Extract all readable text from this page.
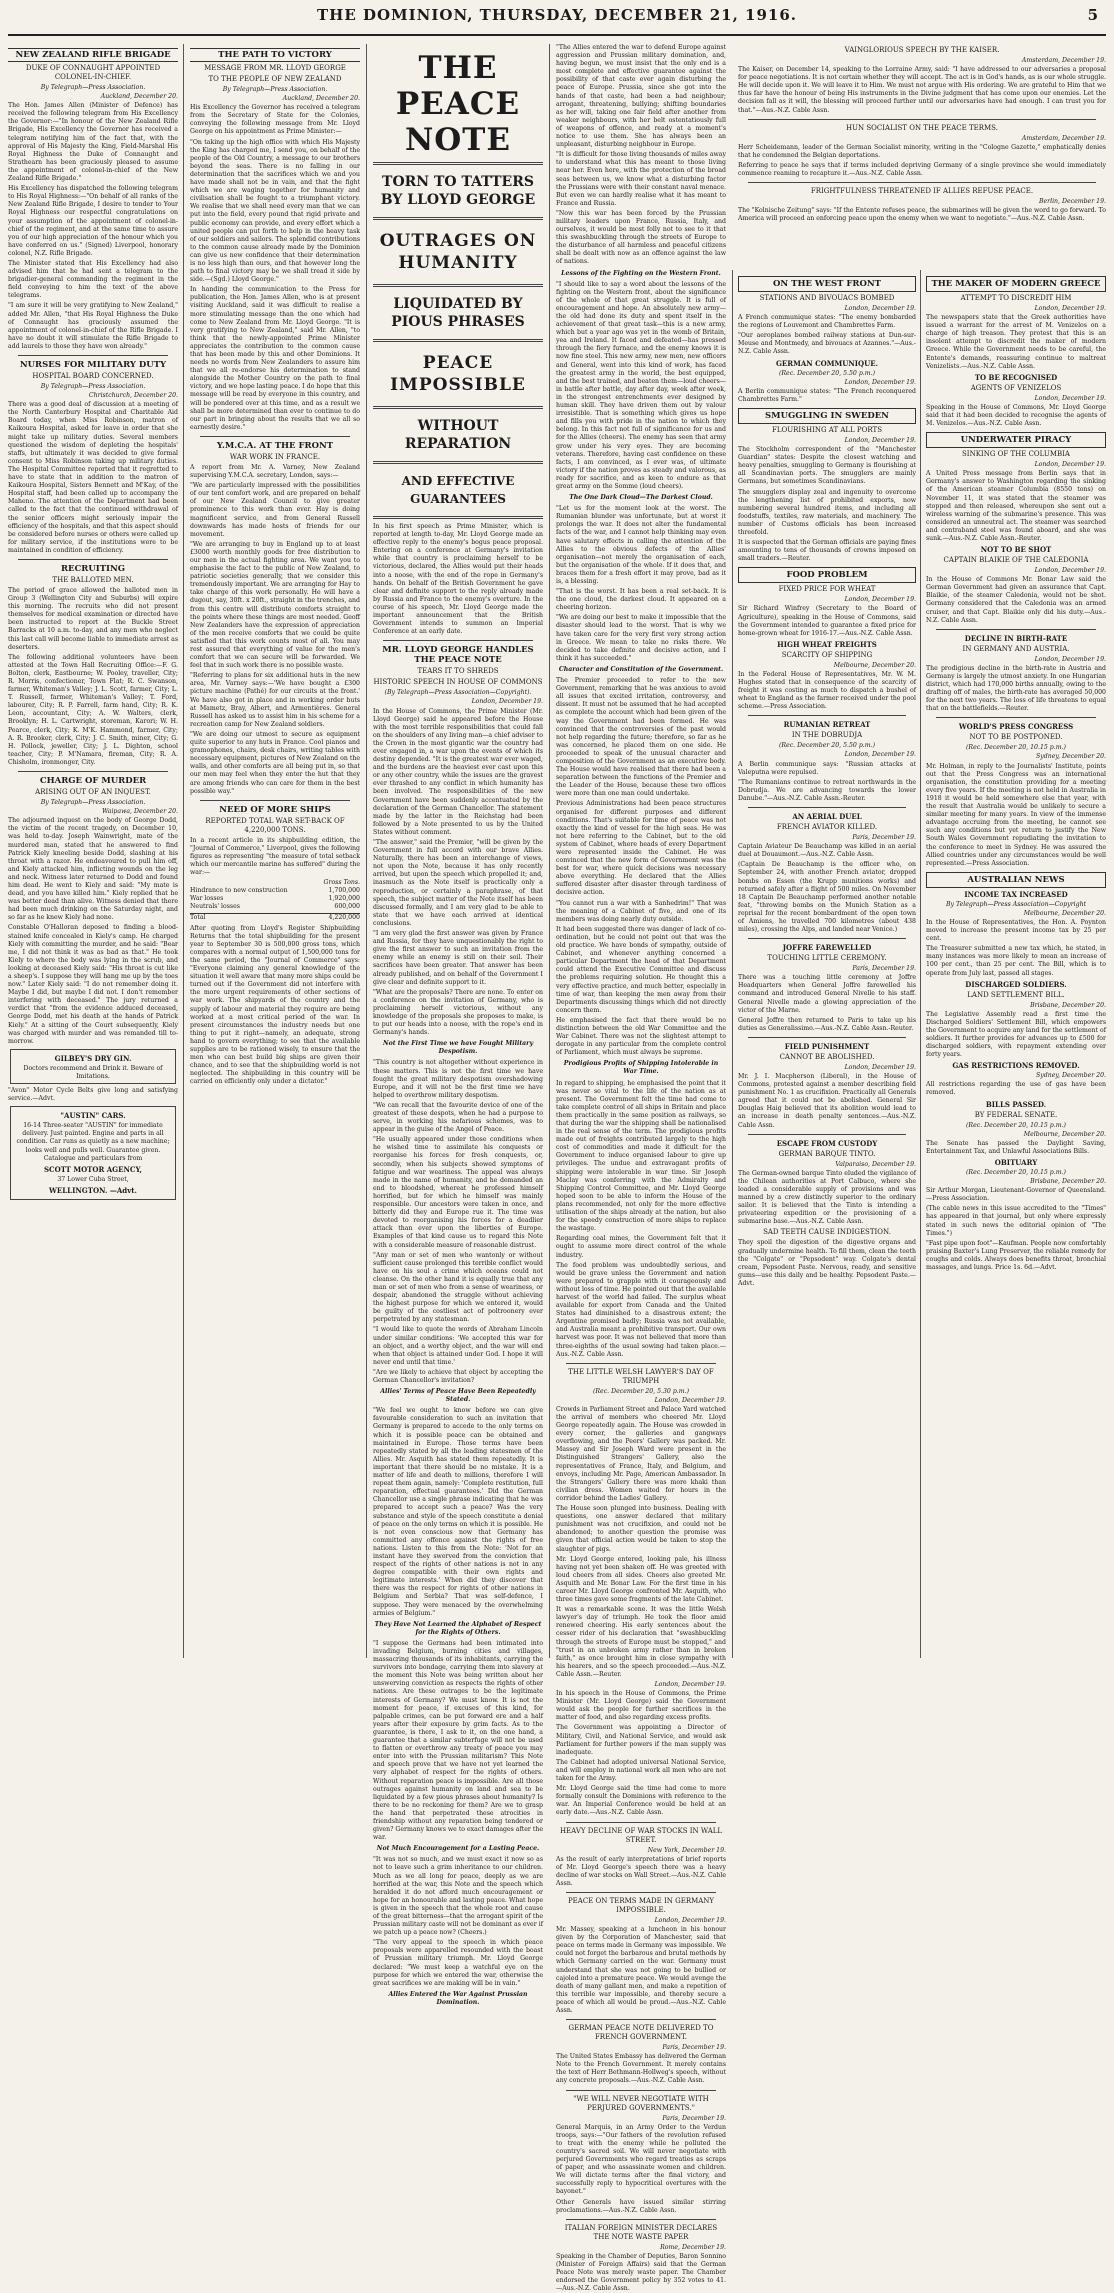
THE DOMINION, THURSDAY, DECEMBER 21, 1916.	5
NEW ZEALAND RIFLE BRIGADE
DUKE OF CONNAUGHT APPOINTED COLONEL-IN-CHIEF.
By Telegraph—Press Association.
Auckland, December 20.

The Hon. James Allen (Minister of Defence) has received the following telegram from His Excellency the Governor:—"In honour of the New Zealand Rifle Brigade, His Excellency the Governor has received a telegram notifying him of the fact that, with the approval of His Majesty the King, Field-Marshal His Royal Highness the Duke of Connaught and Strathearn has been graciously pleased to assume the appointment of colonel-in-chief of the New Zealand Rifle Brigade."

His Excellency has dispatched the following telegram to His Royal Highness:—"On behalf of all ranks of the New Zealand Rifle Brigade, I desire to tender to Your Royal Highness our respectful congratulations on your assumption of the appointment of colonel-in-chief of the regiment, and at the same time to assure you of our high appreciation of the honour which you have conferred on us." (Signed) Liverpool, honorary colonel, N.Z. Rifle Brigade.

The Minister stated that His Excellency had also advised him that he had sent a telegram to the brigadier-general commanding the regiment in the field conveying to him the text of the above telegrams.

"I am sure it will be very gratifying to New Zealand," added Mr. Allen, "that His Royal Highness the Duke of Connaught has graciously assumed the appointment of colonel-in-chief of the Rifle Brigade. I have no doubt it will stimulate the Rifle Brigade to add laurels to those they have won already."

NURSES FOR MILITARY DUTY
HOSPITAL BOARD CONCERNED.
By Telegraph—Press Association.
Christchurch, December 20.

There was a good deal of discussion at a meeting of the North Canterbury Hospital and Charitable Aid Board today, when Miss Robinson, matron of Kaikoura Hospital, asked for leave in order that she might take up military duties. Several members questioned the wisdom of depleting the hospitals' staffs, but ultimately it was decided to give formal consent to Miss Robinson taking up military duties. The Hospital Committee reported that it regretted to have to state that in addition to the matron of Kaikoura Hospital, Sisters Bennett and M'Kay, of the Hospital staff, had been called up to accompany the Maheno. The attention of the Department had been called to the fact that the continued withdrawal of the senior officers might seriously impair the efficiency of the hospitals, and that this aspect should be considered before nurses or others were called up for military service, if the institutions were to be maintained in condition of efficiency.

RECRUITING
THE BALLOTED MEN.

The period of grace allowed the balloted men in Group 3 (Wellington City and Suburbs) will expire this morning. The recruits who did not present themselves for medical examination or directed have been instructed to report at the Buckle Street Barracks at 10 a.m. to-day, and any men who neglect this last call will become liable to immediate arrest as deserters.

The following additional volunteers have been attested at the Town Hall Recruiting Office:—F. G. Bolton, clerk, Eastbourne; W. Pooley, traveller, City; R. Morris, confectioner, Town Flat; R. C. Swanson, farmer, Whiteman's Valley; J. L. Scott, farmer, City; L. T. Russell, farmer, Whiteman's Valley; T. Ford, labourer, City; R. P. Farrell, farm hand, City; R. K. Leon, accountant, City; A. W. Walters, clerk, Brooklyn; H. L. Cartwright, storeman, Karori; W. H. Pearce, clerk, City; K. M'K. Hammond, farmer, City; A. R. Brooker, clerk, City; J. C. Smith, miner, City; G. H. Pollock, jeweller, City; J. L. Dighton, school teacher, City; P. M'Namara, fireman, City; R. A. Chisholm, ironmonger, City.

CHARGE OF MURDER
ARISING OUT OF AN INQUEST.
By Telegraph—Press Association.
Waipawa, December 20.

The adjourned inquest on the body of George Dodd, the victim of the recent tragedy, on December 10, was held to-day. Joseph Wainwright, mate of the murdered man, stated that he answered to find Patrick Kiely kneeling beside Dodd, slashing at his throat with a razor. He endeavoured to pull him off, and Kiely attacked him, inflicting wounds on the leg and neck. Witness later returned to Dodd and found him dead. He went to Kiely and said: "My mate is dead, and you have killed him." Kiely replied that he was better dead than alive. Witness denied that there had been much drinking on the Saturday night, and so far as he knew Kiely had none.

Constable O'Halloran deposed to finding a blood-stained knife concealed in Kiely's camp. He charged Kiely with committing the murder, and he said: "Bear me, I did not think it was as bad as that." He took Kiely to where the body was lying in the scrub, and looking at deceased Kiely said: "His throat is cut like a sheep's. I suppose they will hang me up by the toes now." Later Kiely said: "I do not remember doing it. Maybe I did, but maybe I did not. I don't remember interfering with deceased." The jury returned a verdict that "from the evidence adduced deceased, George Dodd, met his death at the hands of Patrick Kiely." At a sitting of the Court subsequently, Kiely was charged with murder and was remanded till to-morrow.

GILBEY'S DRY GIN.
Doctors recommend and Drink it. Beware of Imitations.

"Avon" Motor Cycle Belts give long and satisfying service.—Advt.

"AUSTIN" CARS.
16-14 Three-seater "AUSTIN" for immediate delivery. Just painted. Engine and parts in all condition. Car runs as quietly as a new machine; looks well and pulls well. Guarantee given.
Catalogue and particulars from
SCOTT MOTOR AGENCY,
37 Lower Cuba Street,
WELLINGTON. —Advt.
THE PATH TO VICTORY
MESSAGE FROM MR. LLOYD GEORGE
TO THE PEOPLE OF NEW ZEALAND
By Telegraph—Press Association.
Auckland, December 20.

His Excellency the Governor has received a telegram from the Secretary of State for the Colonies, conveying the following message from Mr. Lloyd George on his appointment as Prime Minister:—

"On taking up the high office with which His Majesty the King has charged me, I send you, on behalf of the people of the Old Country, a message to our brothers beyond the seas. There is no falling in our determination that the sacrifices which we and you have made shall not be in vain, and that the fight which we are waging together for humanity and civilisation shall be fought to a triumphant victory. We realise that we shall need every man that we can put into the field, every pound that rigid private and public economy can provide, and every effort which a united people can put forth to help in the heavy task of our soldiers and sailors. The splendid contributions to the common cause already made by the Dominion can give us new confidence that their determination is no less high than ours, and that however long the path to final victory may be we shall tread it side by side.—(Sgd.) Lloyd George."

In handing the communication to the Press for publication, the Hon. James Allen, who is at present visiting Auckland, said it was difficult to realise a more stimulating message than the one which had come to New Zealand from Mr. Lloyd George. "It is very gratifying to New Zealand," said Mr. Allen, "to think that the newly-appointed Prime Minister appreciates the contribution to the common cause that has been made by this and other Dominions. It needs no words from New Zealanders to assure him that we all re-endorse his determination to stand alongside the Mother Country on the path to final victory, and we hope lasting peace. I do hope that this message will be read by everyone in this country, and will be pondered over at this time, and as a result we shall be more determined than ever to continue to do our part in bringing about the results that we all so earnestly desire."

Y.M.C.A. AT THE FRONT
WAR WORK IN FRANCE.

A report from Mr. A. Varney, New Zealand supervising Y.M.C.A. secretary, London, says:—

"We are particularly impressed with the possibilities of our tent comfort work, and are prepared on behalf of our New Zealand Council to give greater prominence to this work than ever. Hay is doing magnificent service, and from General Russell downwards has made hosts of friends for our movement.

"We are arranging to buy in England up to at least £3000 worth monthly goods for free distribution to our men in the actual fighting area. We want you to emphasise the fact to the public of New Zealand, to patriotic societies generally, that we consider this tremendously important. We are arranging for Hay to take charge of this work personally. He will have a dugout, say, 30ft. x 20ft., straight in the trenches, and from this centre will distribute comforts straight to the points where these things are most needed. Geoff New Zealanders have the expression of appreciation of the men receive comforts that we could be quite satisfied that this work counts most of all. You may rest assured that everything of value for the men's comfort that we can secure will be forwarded. We feel that in such work there is no possible waste.

"Referring to plans for six additional huts in the new area, Mr. Varney says:—'We have bought a £300 picture machine (Pathé) for our circuits at the front.' We have also got in place and in working order huts at Mametz, Bray, Albert, and Armentières. General Russell has asked us to assist him in his scheme for a recreation camp for New Zealand soldiers.

"We are doing our utmost to secure as equipment quite superior to any huts in France. Cool pianos and gramophones, chairs, desk chairs, writing tables with necessary equipment, pictures of New Zealand on the walls, and other comforts are all being put in, so that our men may feel when they enter the hut that they are among friends who can care for them in the best possible way."

NEED OF MORE SHIPS
REPORTED TOTAL WAR SET-BACK OF 4,220,000 TONS.

In a recent article in its shipbuilding edition, the "Journal of Commerce," Liverpool, gives the following figures as representing "the measure of total setback which our mercantile marine has suffered" during the war:—

Gross Tons.
Hindrance to new construction	1,700,000
War losses	1,920,000
Neutrals' losses	600,000
Total	4,220,000

After quoting from Lloyd's Register Shipbuilding Returns that the total shipbuilding for the present year to September 30 is 500,000 gross tons, which compares with a normal output of 1,500,000 tons for the same period, the "Journal of Commerce" says: "Everyone claiming any general knowledge of the situation it well aware that many more ships could be turned out if the Government did not interfere with the more urgent requirements of other sections of war work. The shipyards of the country and the supply of labour and material they require are being worked at a most critical period of the war. In present circumstances the industry needs but one thing to put it right—namely, an adequate, strong hand to govern everything; to see that the available supplies are to be rationed wisely, to ensure that the men who can best build big ships are given their chance, and to see that the shipbuilding world is not neglected. The shipbuilding in this country will be carried on efficiently only under a dictator."

THE PEACE NOTE
TORN TO TATTERS BY LLOYD GEORGE
OUTRAGES ON HUMANITY
LIQUIDATED BY PIOUS PHRASES
PEACE IMPOSSIBLE
WITHOUT REPARATION
AND EFFECTIVE GUARANTEES

In his first speech as Prime Minister, which is reported at length to-day, Mr. Lloyd George made an effective reply to the enemy's bogus peace proposal. Entering on a conference at Germany's invitation while that country is proclaiming herself to be victorious, declared, the Allies would put their heads into a noose, with the end of the rope in Germany's hands. On behalf of the British Government he gave clear and definite support to the reply already made by Russia and France to the enemy's overture. In the course of his speech, Mr. Lloyd George made the important announcement that the British Government intends to summon an Imperial Conference at an early date.

MR. LLOYD GEORGE HANDLES THE PEACE NOTE
TEARS IT TO SHREDS
HISTORIC SPEECH IN HOUSE OF COMMONS
(By Telegraph—Press Association—Copyright).
London, December 19.

In the House of Commons, the Prime Minister (Mr. Lloyd George) said he appeared before the House with the most terrible responsibilities that could fall on the shoulders of any living man—a chief adviser to the Crown in the most gigantic war the country had ever engaged in, a war upon the events of which its destiny depended. "It is the greatest war ever waged, and the burdens are the heaviest ever cast upon this or any other country, while the issues are the gravest ever thrashed to any conflict in which humanity has been involved. The responsibilities of the new Government have been suddenly accentuated by the declaration of the German Chancellor. The statement made by the latter in the Reichstag had been followed by a Note presented to us by the United States without comment.

"The answer," said the Premier, "will be given by the Government in full accord with our brave Allies. Naturally, there has been an interchange of views, not upon the Note, because it has only recently arrived, but upon the speech which propelled it; and, inasmuch as the Note itself is practically only a reproduction, or certainly a paraphrase, of that speech, the subject matter of the Note itself has been discussed formally, and I am very glad to be able to state that we have each arrived at identical conclusions.

"I am very glad the first answer was given by France and Russia, for they have unquestionably the right to give the first answer to such an invitation from the enemy while an enemy is still on their soil. Their sacrifices have been greater. That answer has been already published, and on behalf of the Government I give clear and definite support to it.

"What are the proposals? There are none. To enter on a conference on the invitation of Germany, who is proclaiming herself victorious, without any knowledge of the proposals she proposes to make, is to put our heads into a noose, with the rope's end in Germany's hands.

Not the First Time we have Fought Military Despotism.

"This country is not altogether without experience in these matters. This is not the first time we have fought the great military despotism overshadowing Europe, and it will not be the first time we have helped to overthrow military despotism.

"We can recall that the favourite device of one of the greatest of these despots, when he had a purpose to serve, in working his nefarious schemes, was to appear in the guise of the Angel of Peace.

"He usually appeared under those conditions when he wished time to assimilate his conquests or reorganise his forces for fresh conquests, or, secondly, when his subjects showed symptoms of fatigue and war weariness. The appeal was always made in the name of humanity, and he demanded an end to bloodshed, whereat he professed himself horrified, but for which he himself was mainly responsible. Our ancestors were taken in once, and bitterly did they and Europe rue it. The time was devoted to reorganising his forces for a deadlier attack than ever upon the liberties of Europe. Examples of that kind cause us to regard this Note with a considerable measure of reasonable distrust.

"Any man or set of men who wantonly or without sufficient cause prolonged this terrible conflict would have on his soul a crime which oceans could not cleanse. On the other hand it is equally true that any man or set of men who from a sense of weariness, or despair, abandoned the struggle without achieving the highest purpose for which we entered it, would be guilty of the costliest act of poltroonery ever perpetrated by any statesman.

"I would like to quote the words of Abraham Lincoln under similar conditions: 'We accepted this war for an object, and a worthy object, and the war will end when that object is attained under God. I hope it will never end until that time.'

"Are we likely to achieve that object by accepting the German Chancellor's invitation?

Allies' Terms of Peace Have Been Repeatedly Stated.

"We feel we ought to know before we can give favourable consideration to such an invitation that Germany is prepared to accede to the only terms on which it is possible peace can be obtained and maintained in Europe. Those terms have been repeatedly stated by all the leading statesmen of the Allies. Mr. Asquith has stated them repeatedly. It is important that there should be no mistake. It is a matter of life and death to millions, therefore I will repeat them again, namely: 'Complete restitution, full reparation, effectual guarantees.' Did the German Chancellor use a single phrase indicating that he was prepared to accept such a peace? Was the very substance and style of the speech constitute a denial of peace on the only terms on which it is possible. He is not even conscious now that Germany has committed any offence against the rights of free nations. Listen to this from the Note: 'Not for an instant have they swerved from the conviction that respect of the rights of other nations is not in any degree compatible with their own rights and legitimate interests.' When did they discover that there was the respect for rights of other nations in Belgium and Serbia? That was self-defence, I suppose. They were menaced by the overwhelming armies of Belgium."

They Have Not Learned the Alphabet of Respect for the Rights of Others.

"I suppose the Germans had been intimated into invading Belgium, burning cities and villages, massacring thousands of its inhabitants, carrying the survivors into bondage, carrying them into slavery at the moment this Note was being written about her unswerving conviction as respects the rights of other nations. Are these outrages to be the legitimate interests of Germany? We must know. It is not the moment for peace, if excuses of this kind, for palpable crimes, can be put forward ere and a half years after their exposure by grim facts. As to the guarantee, is there, I ask to it, on the one hand, a guarantee that a similar subterfuge will not be used to flatten or overthrow any treaty of peace you may enter into with the Prussian militarism? This Note and speech prove that we have not yet learned the very alphabet of respect for the rights of others. Without reparation peace is impossible. Are all those outrages against humanity on land and sea to be liquidated by a few pious phrases about humanity? Is there to be no reckoning for them? Are we to grasp the hand that perpetrated these atrocities in friendship without any reparation being tendered or given? Germany knows we to exact damages after the war.

Not Much Encouragement for a Lasting Peace.

"It was not so much, and we must exact it now so as not to leave such a grim inheritance to our children. Much as we all long for peace, deeply as we are horrified at the war, this Note and the speech which heralded it do not afford much encouragement or hope for an honourable and lasting peace. What hope is given in the speech that the whole root and cause of the great bitterness—that the arrogant spirit of the Prussian military caste will not be dominant as ever if we patch up a peace now? (Cheers.)

"The very appeal to the speech in which peace proposals were apparelled resounded with the boast of Prussian military triumph. Mr. Lloyd George declared: "We must keep a watchful eye on the purpose for which we entered the war, otherwise the great sacrifices we are making will be in vain."

Allies Entered the War Against Prussian Domination.

"The Allies entered the war to defend Europe against aggression and Prussian military domination, and, having begun, we must insist that the only end is a most complete and effective guarantee against the possibility of that caste ever again disturbing the peace of Europe. Prussia, since she got into the hands of that caste, had been a bad neighbour; arrogant, threatening, bullying; shifting boundaries as her will, taking one fair field after another from weaker neighbours, with her belt ostentatiously full of weapons of offence, and ready at a moment's notice to use them. She has always been an unpleasant, disturbing neighbour in Europe.

"It is difficult for those living thousands of miles away to understand what this has meant to those living near her. Even here, with the protection of the broad seas between us, we know what a disturbing factor the Prussians were with their constant naval menace. But even we can hardly realise what it has meant to France and Russia.

"Now this war has been forced by the Prussian military leaders upon France, Russia, Italy, and ourselves, it would be most folly not to see to it that this swashbuckling through the streets of Europe to the disturbance of all harmless and peaceful citizens shall be dealt with now as an offence against the law of nations.

Lessons of the Fighting on the Western Front.

"I should like to say a word about the lessons of the fighting on the Western front, about the significance of the whole of that great struggle. It is full of encouragement and hope. An absolutely new army—the old had done its duty and spent itself in the achievement of that great task—this is a new army, which but a year ago was yet in the womb of Britain, yea and Ireland. It faced and defeated—has pressed through the fiery furnace, and the enemy knows it is now fine steel. This new army, new men, new officers and General, went into this kind of work, has faced the greatest army in the world, the best equipped, and the best trained, and beaten them—loud cheers—in battle after battle, day after day, week after week, in the strongest entrenchments ever designed by human skill. They have driven them out by valour irresistible. That is something which gives us hope and fills you with pride in the nation to which they belong. In this fact not full of significance for us and for the Allies (cheers). The enemy has seen that army grow under his very eyes. They are becoming veterans. Therefore, having cast confidence on these facts, I am convinced, as I ever was, of ultimate victory if the nation proves as steady and valorous, as ready for sacrifice, and as keen to endure as that great army on the Somme (loud cheers).

The One Dark Cloud—The Darkest Cloud.

"Let us for the moment look at the worst. The Rumanian blunder was unfortunate, but at worst it prolongs the war. It does not alter the fundamental facts of the war, and I cannot help thinking may even have salutary effects in calling the attention of the Allies to the obvious defects of the Allies' organisation—not merely the organisation of each, but the organisation of the whole. If it does that, and braces them for a fresh effort it may prove, bad as it is, a blessing.

"That is the worst. It has been a real set-back. It is the one cloud, the darkest cloud. It appeared on a cheering horizon.

"We are doing our best to make it impossible that the disaster should lead to the worst. That is why we have taken care for the very first very strong action in Greece. We mean to take no risks there. We decided to take definite and decisive action, and I think it has succeeded."

Character and Constitution of the Government.

The Premier proceeded to refer to the new Government, remarking that he was anxious to avoid all issues that excited irritation, controversy, and dissent. It must not be assumed that he had accepted as complete the account which had been given of the way the Government had been formed. He was convinced that the controversies of the past would not help regarding the future; therefore, so far as he was concerned, he placed them on one side. He proceeded to speak of the unusual character and composition of the Government as an executive body. The House would have realised that there had been a separation between the functions of the Premier and the Leader of the House, because these two offices were more than one man could undertake.

Previous Administrations had been peace structures organised for different purposes and different conditions. That's suitable for time of peace was not exactly the kind of vessel for the high seas. He was not here referring to the Cabinet, but to the old system of Cabinet, where heads of every Department were represented inside the Cabinet. He was convinced that the new form of Government was the best for war, where quick decisions was necessary above everything. He declared that the Allies suffered disaster after disaster through tardiness of decisive action.

"You cannot run a war with a Sanhedrim!" That was the meaning of a Cabinet of five, and one of its members was doing nearly duty outside.

It had been suggested there was danger of lack of co-ordination, but he could not point out that was the old practice. We have bonds of sympathy, outside of Cabinet, and whenever anything concerned a particular Department the head of that Department could attend the Executive Committee and discuss the problems requiring solution. He thought this a very effective practice, and much better, especially in time of war, than keeping the men away from their Departments discussing things which did not directly concern them.

He emphasised the fact that there would be no distinction between the old War Committee and the War Cabinet. There was not the slightest attempt to derogate in any particular from the complete control of Parliament, which must always be supreme.

Prodigious Profits of Shipping Intolerable in War Time.

In regard to shipping, he emphasised the point that it was never so vital to the life of the nation as at present. The Government felt the time had come to take complete control of all ships in Britain and place them practically in the same position as railways, so that during the war the shipping shall be nationalised in the real sense of the term. The prodigious profits made out of freights contributed largely to the high cost of commodities and made it difficult for the Government to induce organised labour to give up privileges. The undue and extravagant profits of shipping were intolerable in war time. Sir Joseph Maclay was conferring with the Admiralty and Shipping Control Committee, and Mr. Lloyd George hoped soon to be able to inform the House of the plans recommended, not only for the more effective utilisation of the ships already at the nation, but also for the speedy construction of more ships to replace the wastage.

Regarding coal mines, the Government felt that it ought to assume more direct control of the whole industry.

The food problem was undoubtedly serious, and would be grave unless the Government and nation were prepared to grapple with it courageously and without loss of time. He pointed out that the available harvest of the world had failed. The surplus wheat available for export from Canada and the United States had diminished to a disastrous extent; the Argentine promised badly; Russia was not available, and Australia meant a prohibitive transport. Our own harvest was poor. It was not believed that more than three-eighths of the usual sowing had taken place.—Aus.-N.Z. Cable Assn.

THE LITTLE WELSH LAWYER'S DAY OF TRIUMPH
(Rec. December 20, 5.30 p.m.)
London, December 19.

Crowds in Parliament Street and Palace Yard watched the arrival of members who cheered Mr. Lloyd George repeatedly again. The House was crowded in every corner, the galleries and gangways overflowing, and the Peers' Gallery was packed. Mr. Massey and Sir Joseph Ward were present in the Distinguished Strangers' Gallery, also the representatives of France, Italy, and Belgium, and envoys, including Mr. Page, American Ambassador. In the Strangers' Gallery there was more khaki than civilian dress. Women waited for hours in the corridor behind the Ladies' Gallery.

The House soon plunged into business. Dealing with questions, one answer declared that military punishment was not crucifixion, and could not be abandoned; to another question the promise was given that official action would be taken to stop the slaughter of pigs.

Mr. Lloyd George entered, looking pale, his illness having not yet been shaken off. He was greeted with loud cheers from all sides. Cheers also greeted Mr. Asquith and Mr. Bonar Law. For the first time in his career Mr. Lloyd George confronted Mr. Asquith, who three times gave some fragments of the late Cabinet.

It was a remarkable scene. It was the little Welsh lawyer's day of triumph. He took the floor amid renewed cheering. His early sentences about the cesser rider of his declaration that "swashbuckling through the streets of Europe must be stopped," and "trust in an unbroken army rather than in broken faith," as once brought him in close sympathy with his hearers, and so the speech proceeded.—Aus.-N.Z. Cable Assn.—Reuter.

London, December 19.

In his speech in the House of Commons, the Prime Minister (Mr. Lloyd George) said the Government would ask the people for further sacrifices in the matter of food, and also regarding excess profits.

The Government was appointing a Director of Military, Civil, and National Service, and would ask Parliament for further powers if the man supply was inadequate.

The Cabinet had adopted universal National Service, and will employ in national work all men who are not taken for the Army.

Mr. Lloyd George said the time had come to more formally consult the Dominions with reference to the war. An Imperial Conference would be held at an early date.—Aus.-N.Z. Cable Assn.

HEAVY DECLINE OF WAR STOCKS IN WALL STREET.
New York, December 19.

As the result of early interpretations of brief reports of Mr. Lloyd George's speech there was a heavy decline of war stocks on Wall Street.—Aus.-N.Z. Cable Assn.

PEACE ON TERMS MADE IN GERMANY IMPOSSIBLE.
London, December 19.

Mr. Massey, speaking at a luncheon in his honour given by the Corporation of Manchester, said that peace on terms made in Germany was impossible. We could not forget the barbarous and brutal methods by which Germany carried on the war. Germany must understand that she was not going to be bullied or cajoled into a premature peace. We would avenge the death of many gallant men, and make a repetition of this terrible war impossible, and thereby secure a peace of which all would be proud.—Aus.-N.Z. Cable Assn.

GERMAN PEACE NOTE DELIVERED TO FRENCH GOVERNMENT.
Paris, December 19.

The United States Embassy has delivered the German Note to the French Government. It merely contains the text of Herr Bethmann-Hollweg's speech, without any concrete proposals.—Aus.-N.Z. Cable Assn.

"WE WILL NEVER NEGOTIATE WITH PERJURED GOVERNMENTS."
Paris, December 19.

General Marquis, in an Army Order to the Verdun troops, says:—"Our fathers of the revolution refused to treat with the enemy while he polluted the country's sacred soil. We will never negotiate with perjured Governments who regard treaties as scraps of paper, and who assassinate women and children. We will dictate terms after the final victory, and successfully reply to hypocritical overtures with the bayonet."

Other Generals have issued similar stirring proclamations.—Aus.-N.Z. Cable Assn.

ITALIAN FOREIGN MINISTER DECLARES THE NOTE WASTE PAPER
Rome, December 19.

Speaking in the Chamber of Deputies, Baron Sonnino (Minister of Foreign Affairs) said that the German Peace Note was merely waste paper. The Chamber endorsed the Government policy by 352 votes to 41.—Aus.-N.Z. Cable Assn.

VAINGLORIOUS SPEECH BY THE KAISER.
Amsterdam, December 19.

The Kaiser, on December 14, speaking to the Lorraine Army, said: "I have addressed to our adversaries a proposal for peace negotiations. It is not certain whether they will accept. The act is in God's hands, as is our whole struggle. He will decide upon it. We will leave it to Him. We must not argue with His ordering. We are grateful to Him that we thus far have the honour of being His instruments in the Divine judgment that has come upon our enemies. Let the decision fall as it will, the blessing will proceed further until our adversaries have had enough. I can trust you for that."—Aus.-N.Z. Cable Assn.

HUN SOCIALIST ON THE PEACE TERMS.
Amsterdam, December 19.

Herr Scheidemann, leader of the German Socialist minority, writing in the "Cologne Gazette," emphatically denies that he condemned the Belgian deportations.

Referring to peace he says that if terms included depriving Germany of a single province she would immediately commence reaming to recapture it.—Aus.-N.Z. Cable Assn.

FRIGHTFULNESS THREATENED IF ALLIES REFUSE PEACE.
Berlin, December 19.

The "Kolnische Zeitung" says: "If the Entente refuses peace, the submarines will be given the word to go forward. To America will proceed an enforcing peace upon the enemy when we want to negotiate."—Aus.-N.Z. Cable Assn.

ON THE WEST FRONT
STATIONS AND BIVOUACS BOMBED
London, December 19.

A French communique states: "The enemy bombarded the regions of Louvemont and Chambrettes Farm.

"Our aeroplanes bombed railway stations at Dun-sur-Meuse and Montmedy, and bivouacs at Azannes."—Aus.-N.Z. Cable Assn.

GERMAN COMMUNIQUE.
(Rec. December 20, 5.50 p.m.)
London, December 19.

A Berlin communique states: "The French reconquered Chambrettes Farm."

SMUGGLING IN SWEDEN
FLOURISHING AT ALL PORTS
London, December 19.

The Stockholm correspondent of the "Manchester Guardian" states: Despite the closest watching and heavy penalties, smuggling to Germany is flourishing at all Scandinavian ports. The smugglers are mainly Germans, but sometimes Scandinavians.

The smugglers display zeal and ingenuity to overcome the lengthening list of prohibited exports, now numbering several hundred items, and including all foodstuffs, textiles, raw materials, and machinery. The number of Customs officials has been increased threefold.

It is suspected that the German officials are paying fines amounting to tens of thousands of crowns imposed on small traders.—Reuter.

FOOD PROBLEM
FIXED PRICE FOR WHEAT
London, December 19.

Sir Richard Winfrey (Secretary to the Board of Agriculture), speaking in the House of Commons, said the Government intended to guarantee a fixed price for home-grown wheat for 1916-17.—Aus.-N.Z. Cable Assn.

HIGH WHEAT FREIGHTS
SCARCITY OF SHIPPING
Melbourne, December 20.

In the Federal House of Representatives, Mr. W. M. Hughes stated that in consequence of the scarcity of freight it was costing as much to dispatch a bushel of wheat to England as the farmer received under the pool scheme.—Press Association.

RUMANIAN RETREAT
IN THE DOBRUDJA
(Rec. December 20, 5.50 p.m.)
London, December 19.

A Berlin communique says: "Russian attacks at Valeputna were repulsed.

"The Rumanians continue to retreat northwards in the Dobrudja. We are advancing towards the lower Danube."—Aus.-N.Z. Cable Assn.-Reuter.

AN AERIAL DUEL
FRENCH AVIATOR KILLED.
Paris, December 19.

Captain Aviateur De Beauchamp was killed in an aerial duel at Douaumont.—Aus.-N.Z. Cable Assn.

(Captain De Beauchamp is the officer who, on September 24, with another French aviator, dropped bombs on Essen (the Krupp munitions works) and returned safely after a flight of 500 miles. On November 18 Captain De Beauchamp performed another notable feat, "throwing bombs on the Munich Station as a reprisal for the recent bombardment of the open town of Amiens, he travelled 700 kilometres (about 438 miles), crossing the Alps, and landed near Venice.)

JOFFRE FAREWELLED
TOUCHING LITTLE CEREMONY.
Paris, December 19.

There was a touching little ceremony at Joffre Headquarters when General Joffre farewelled his command and introduced General Nivelle to his staff. General Nivelle made a glowing appreciation of the victor of the Marne.

General Joffre then returned to Paris to take up his duties as Generalissimo.—Aus.-N.Z. Cable Assn.-Reuter.

FIELD PUNISHMENT
CANNOT BE ABOLISHED.
London, December 19.

Mr. J. I. Macpherson (Liberal), in the House of Commons, protested against a member describing field punishment No. 1 as crucifixion. Practically all Generals agreed that it could not be abolished. General Sir Douglas Haig believed that its abolition would lead to an increase in death penalty sentences.—Aus.-N.Z. Cable Assn.

ESCAPE FROM CUSTODY
GERMAN BARQUE TINTO.
Valparaiso, December 19.

The German-owned barque Tinto eluded the vigilance of the Chilean authorities at Port Calbuco, where she loaded a considerable supply of provisions and was manned by a crew distinctly superior to the ordinary sailor. It is believed that the Tinto is intending a privateering expedition or the provisioning of a submarine base.—Aus.-N.Z. Cable Assn.

SAD TEETH CAUSE INDIGESTION.

They spoil the digestion of the digestive organs and gradually undermine health. To fill them, clean the teeth the "Colgate" or "Pepsodent" way. Colgate's dental cream, Pepsodent Paste. Nervous, ready, and sensitive gums—use this daily and be healthy. Pepsodent Paste.—Advt.

THE MAKER OF MODERN GREECE
ATTEMPT TO DISCREDIT HIM
London, December 19.

The newspapers state that the Greek authorities have issued a warrant for the arrest of M. Venizelos on a charge of high treason. They protest that this is an insolent attempt to discredit the maker of modern Greece. While the Government needs to be careful, the Entente's demands, reassuring continue to maltreat Venizelists.—Aus.-N.Z. Cable Assn.

TO BE RECOGNISED
AGENTS OF VENIZELOS
London, December 19.

Speaking in the House of Commons, Mr. Lloyd George said that it had been decided to recognise the agents of M. Venizelos.—Aus.-N.Z. Cable Assn.

UNDERWATER PIRACY
SINKING OF THE COLUMBIA
London, December 19.

A United Press message from Berlin says that in Germany's answer to Washington regarding the sinking of the American steamer Columbia (8550 tons) on November 11, it was stated that the steamer was stopped and then released, whereupon she sent out a wireless warning of the submarine's presence. This was considered an unneutral act. The steamer was searched and contraband steel was found aboard, and she was sunk.—Aus.-N.Z. Cable Assn.-Reuter.

NOT TO BE SHOT
CAPTAIN BLAIKIE OF THE CALEDONIA
London, December 19.

In the House of Commons Mr. Bonar Law said the German Government had given an assurance that Capt. Blaikie, of the steamer Caledonia, would not be shot. Germany considered that the Caledonia was an armed cruiser, and that Capt. Blaikie only did his duty.—Aus.-N.Z. Cable Assn.

DECLINE IN BIRTH-RATE
IN GERMANY AND AUSTRIA.
London, December 19.

The prodigious decline in the birth-rate in Austria and Germany is largely the utmost anxiety. In one Hungarian district, which had 170,000 births annually, owing to the drafting off of males, the birth-rate has averaged 50,000 for the next two years. The loss of life threatens to equal that on the battlefields.—Reuter.

WORLD'S PRESS CONGRESS
NOT TO BE POSTPONED.
(Rec. December 20, 10.15 p.m.)
Sydney, December 20.

Mr. Holman, in reply to the Journalists' Institute, points out that the Press Congress was an international organisation, the constitution providing for a meeting every five years. If the meeting is not held in Australia in 1918 it would be held somewhere else that year, with the result that Australia would be unlikely to secure a similar meeting for many years. In view of the immense advantage accruing from the meeting, he cannot see such any conditions but yet return to justify the New South Wales Government repudiating the invitation to the conference to meet in Sydney. He was assured the Allied countries under any circumstances would be well represented.—Press Association.

AUSTRALIAN NEWS
INCOME TAX INCREASED
By Telegraph—Press Association—Copyright
Melbourne, December 20.

In the House of Representatives, the Hon. A. Poynton moved to increase the present income tax by 25 per cent.

The Treasurer submitted a new tax which, he stated, in many instances was more likely to mean an increase of 100 per cent., than 25 per cent. The Bill, which is to operate from July last, passed all stages.

DISCHARGED SOLDIERS.
LAND SETTLEMENT BILL.
Brisbane, December 20.

The Legislative Assembly read a first time the Discharged Soldiers' Settlement Bill, which empowers the Government to acquire any land for the settlement of soldiers. It further provides for advances up to £500 for discharged soldiers, with repayment extending over forty years.

GAS RESTRICTIONS REMOVED.
Sydney, December 20.

All restrictions regarding the use of gas have been removed.

BILLS PASSED.
BY FEDERAL SENATE.
(Rec. December 20, 10.15 p.m.)
Melbourne, December 20.

The Senate has passed the Daylight Saving, Entertainment Tax, and Unlawful Associations Bills.

OBITUARY
(Rec. December 20, 10.15 p.m.)
Brisbane, December 20.

Sir Arthur Morgan, Lieutenant-Governor of Queensland.—Press Association.

(The cable news in this issue accredited to the "Times" has appeared in that journal, but only where expressly stated in such news the editorial opinion of "The Times.")

"Fast pipe upon foot"—Kaufman. People now comfortably praising Baxter's Lung Preserver, the reliable remedy for coughs and colds. Always does benefits throat, bronchial massages, and lungs. Price 1s. 6d.—Advt.
